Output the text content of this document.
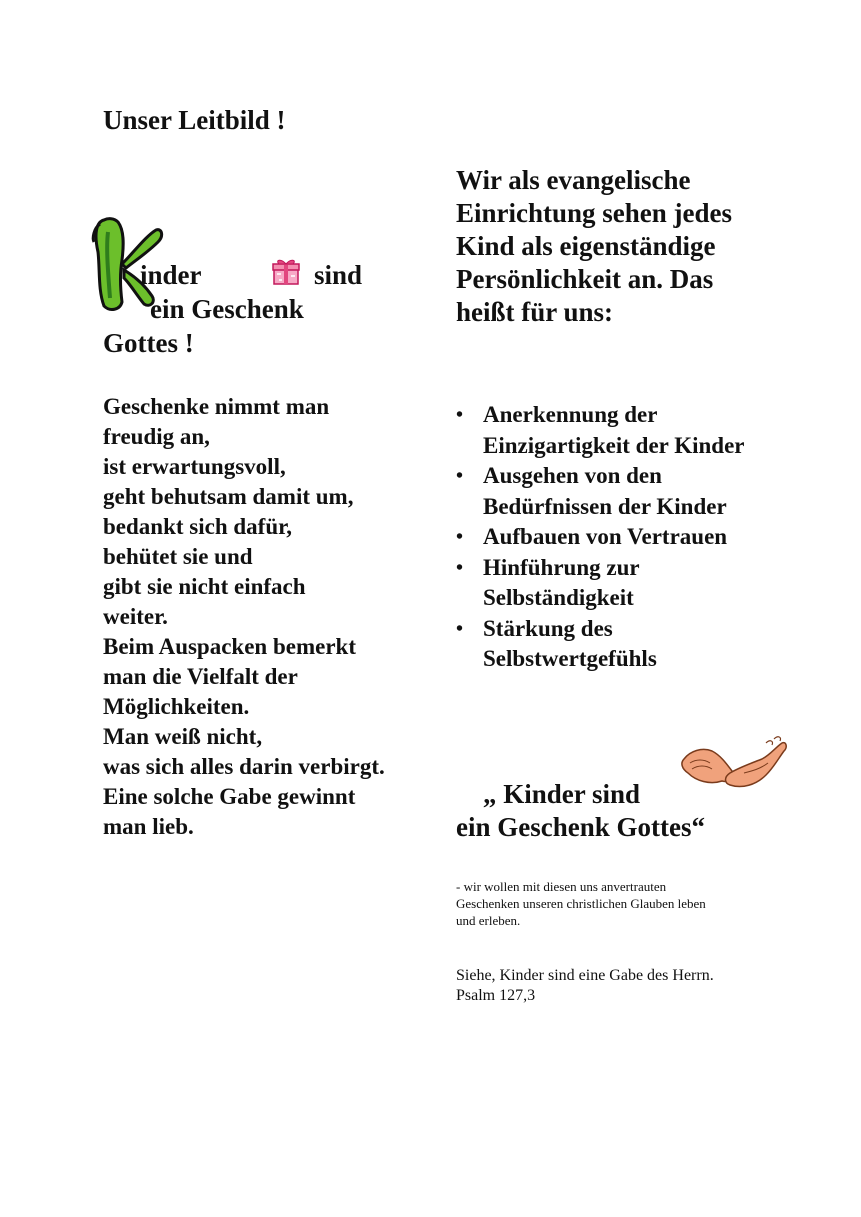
Unser Leitbild !
inder	sind
ein Geschenk
Gottes !
Geschenke nimmt man
freudig an,
ist erwartungsvoll,
geht behutsam damit um,
bedankt sich dafür,
behütet sie und
gibt sie nicht einfach
weiter.
Beim Auspacken bemerkt
man die Vielfalt der
Möglichkeiten.
Man weiß nicht,
was sich alles darin verbirgt.
Eine solche Gabe gewinnt
man lieb.
Wir als evangelische
Einrichtung sehen jedes
Kind als eigenständige
Persönlichkeit an. Das
heißt für uns:
• Anerkennung der
Einzigartigkeit der Kinder
• Ausgehen von den
Bedürfnissen der Kinder
• Aufbauen von Vertrauen
• Hinführung zur
Selbständigkeit
• Stärkung des
Selbstwertgefühls
„ Kinder sind
ein Geschenk Gottes“
- wir wollen mit diesen uns anvertrauten
Geschenken unseren christlichen Glauben leben
und erleben.
Siehe, Kinder sind eine Gabe des Herrn.
Psalm 127,3
